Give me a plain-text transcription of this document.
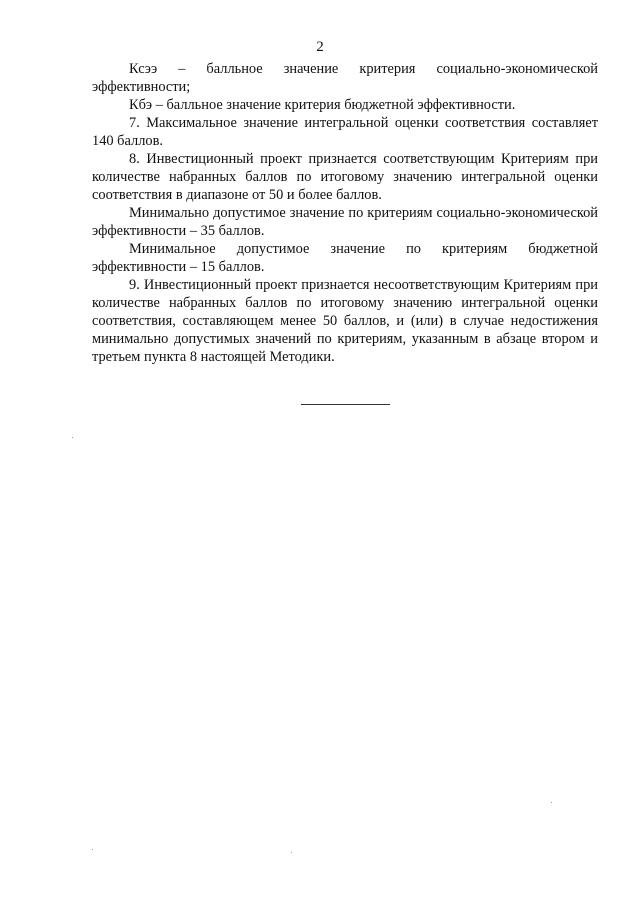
2

Ксээ – балльное значение критерия социально-экономической эффективности;

Кбэ – балльное значение критерия бюджетной эффективности.

7. Максимальное значение интегральной оценки соответствия составляет 140 баллов.

8. Инвестиционный проект признается соответствующим Критериям при количестве набранных баллов по итоговому значению интегральной оценки соответствия в диапазоне от 50 и более баллов.

Минимально допустимое значение по критериям социально-экономической эффективности – 35 баллов.

Минимальное допустимое значение по критериям бюджетной эффективности – 15 баллов.

9. Инвестиционный проект признается несоответствующим Критериям при количестве набранных баллов по итоговому значению интегральной оценки соответствия, составляющем менее 50 баллов, и (или) в случае недостижения минимально допустимых значений по критериям, указанным в абзаце втором и третьем пункта 8 настоящей Методики.
